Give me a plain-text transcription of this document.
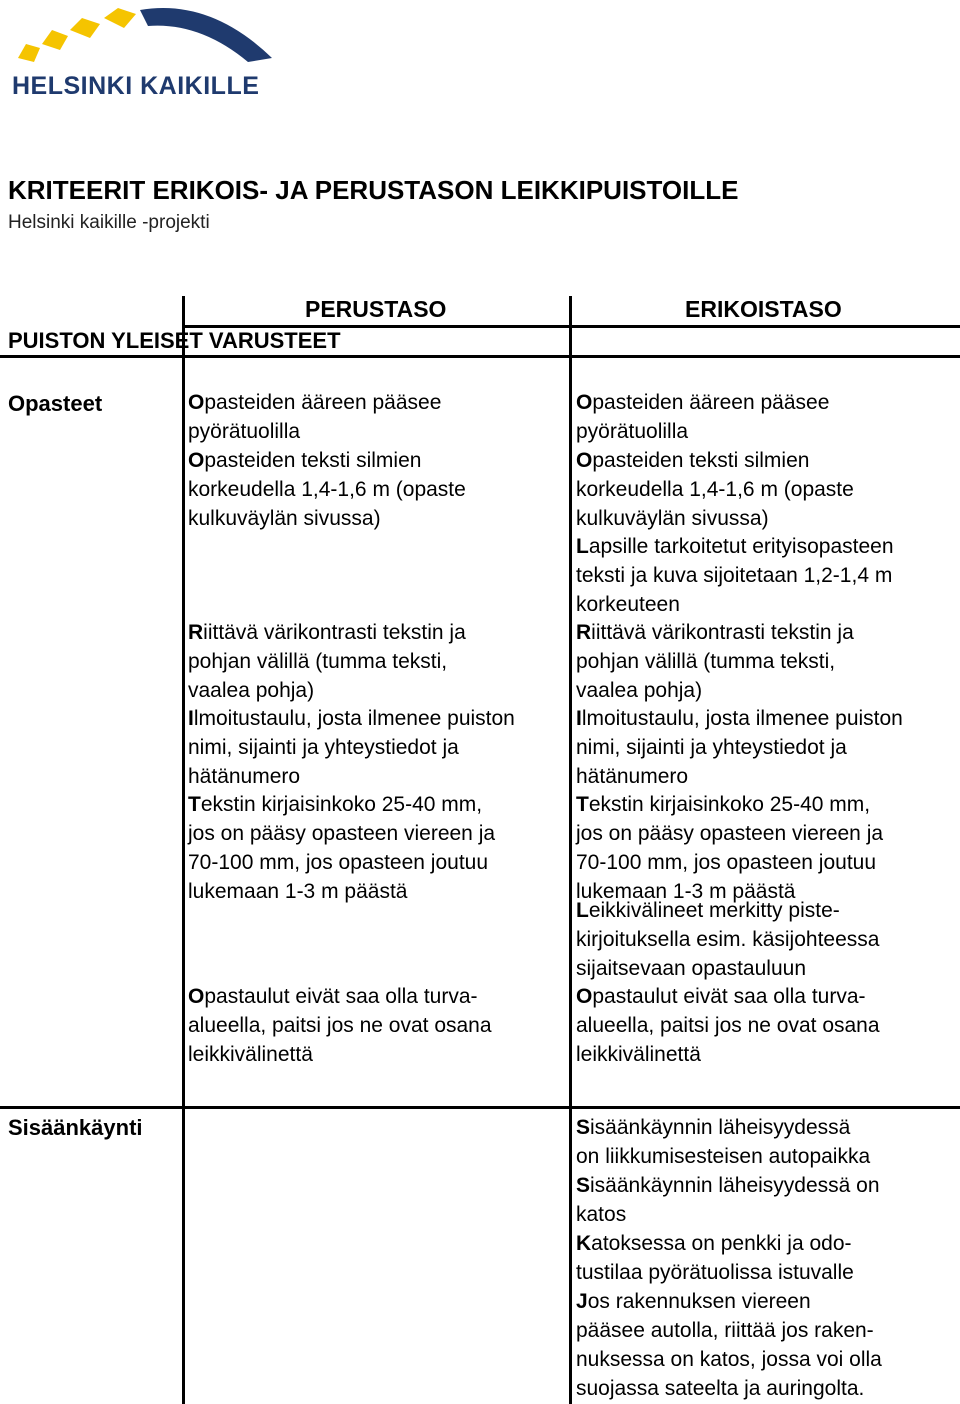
HELSINKI KAIKILLE
KRITEERIT ERIKOIS- JA PERUSTASON LEIKKIPUISTOILLE
Helsinki kaikille -projekti
PERUSTASO	ERIKOISTASO
PUISTON YLEISET VARUSTEET
Opasteet
Sisäänkäynti
Opasteiden ääreen pääsee
pyörätuolilla
Opasteiden teksti silmien
korkeudella 1,4-1,6 m (opaste
kulkuväylän sivussa)
Riittävä värikontrasti tekstin ja
pohjan välillä (tumma teksti,
vaalea pohja)
Ilmoitustaulu, josta ilmenee puiston
nimi, sijainti ja yhteystiedot ja
hätänumero
Tekstin kirjaisinkoko 25-40 mm,
jos on pääsy opasteen viereen ja
70-100 mm, jos opasteen joutuu
lukemaan 1-3 m päästä
Opastaulut eivät saa olla turva-
alueella, paitsi jos ne ovat osana
leikkivälinettä
Opasteiden ääreen pääsee
pyörätuolilla
Opasteiden teksti silmien
korkeudella 1,4-1,6 m (opaste
kulkuväylän sivussa)
Lapsille tarkoitetut erityisopasteen
teksti ja kuva sijoitetaan 1,2-1,4 m
korkeuteen
Riittävä värikontrasti tekstin ja
pohjan välillä (tumma teksti,
vaalea pohja)
Ilmoitustaulu, josta ilmenee puiston
nimi, sijainti ja yhteystiedot ja
hätänumero
Tekstin kirjaisinkoko 25-40 mm,
jos on pääsy opasteen viereen ja
70-100 mm, jos opasteen joutuu
lukemaan 1-3 m päästä
Leikkivälineet merkitty piste-
kirjoituksella esim. käsijohteessa
sijaitsevaan opastauluun
Opastaulut eivät saa olla turva-
alueella, paitsi jos ne ovat osana
leikkivälinettä
Sisäänkäynnin läheisyydessä
on liikkumisesteisen autopaikka
Sisäänkäynnin läheisyydessä on
katos
Katoksessa on penkki ja odo-
tustilaa pyörätuolissa istuvalle
Jos rakennuksen viereen
pääsee autolla, riittää jos raken-
nuksessa on katos, jossa voi olla
suojassa sateelta ja auringolta.
